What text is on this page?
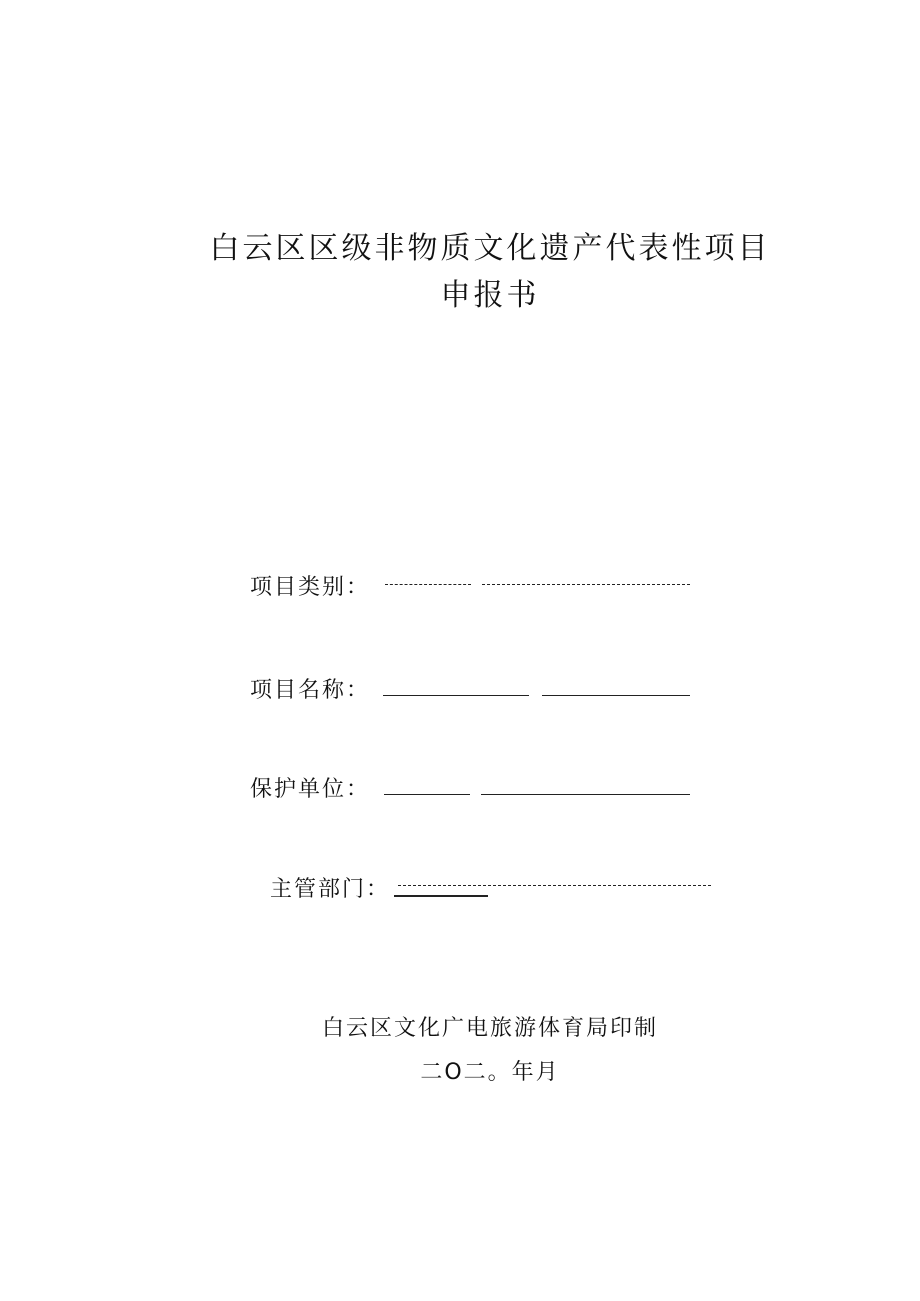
白云区区级非物质文化遗产代表性项目
申报书
项目类别：
项目名称：
保护单位：
主管部门：
白云区文化广电旅游体育局印制
二O二。年月
